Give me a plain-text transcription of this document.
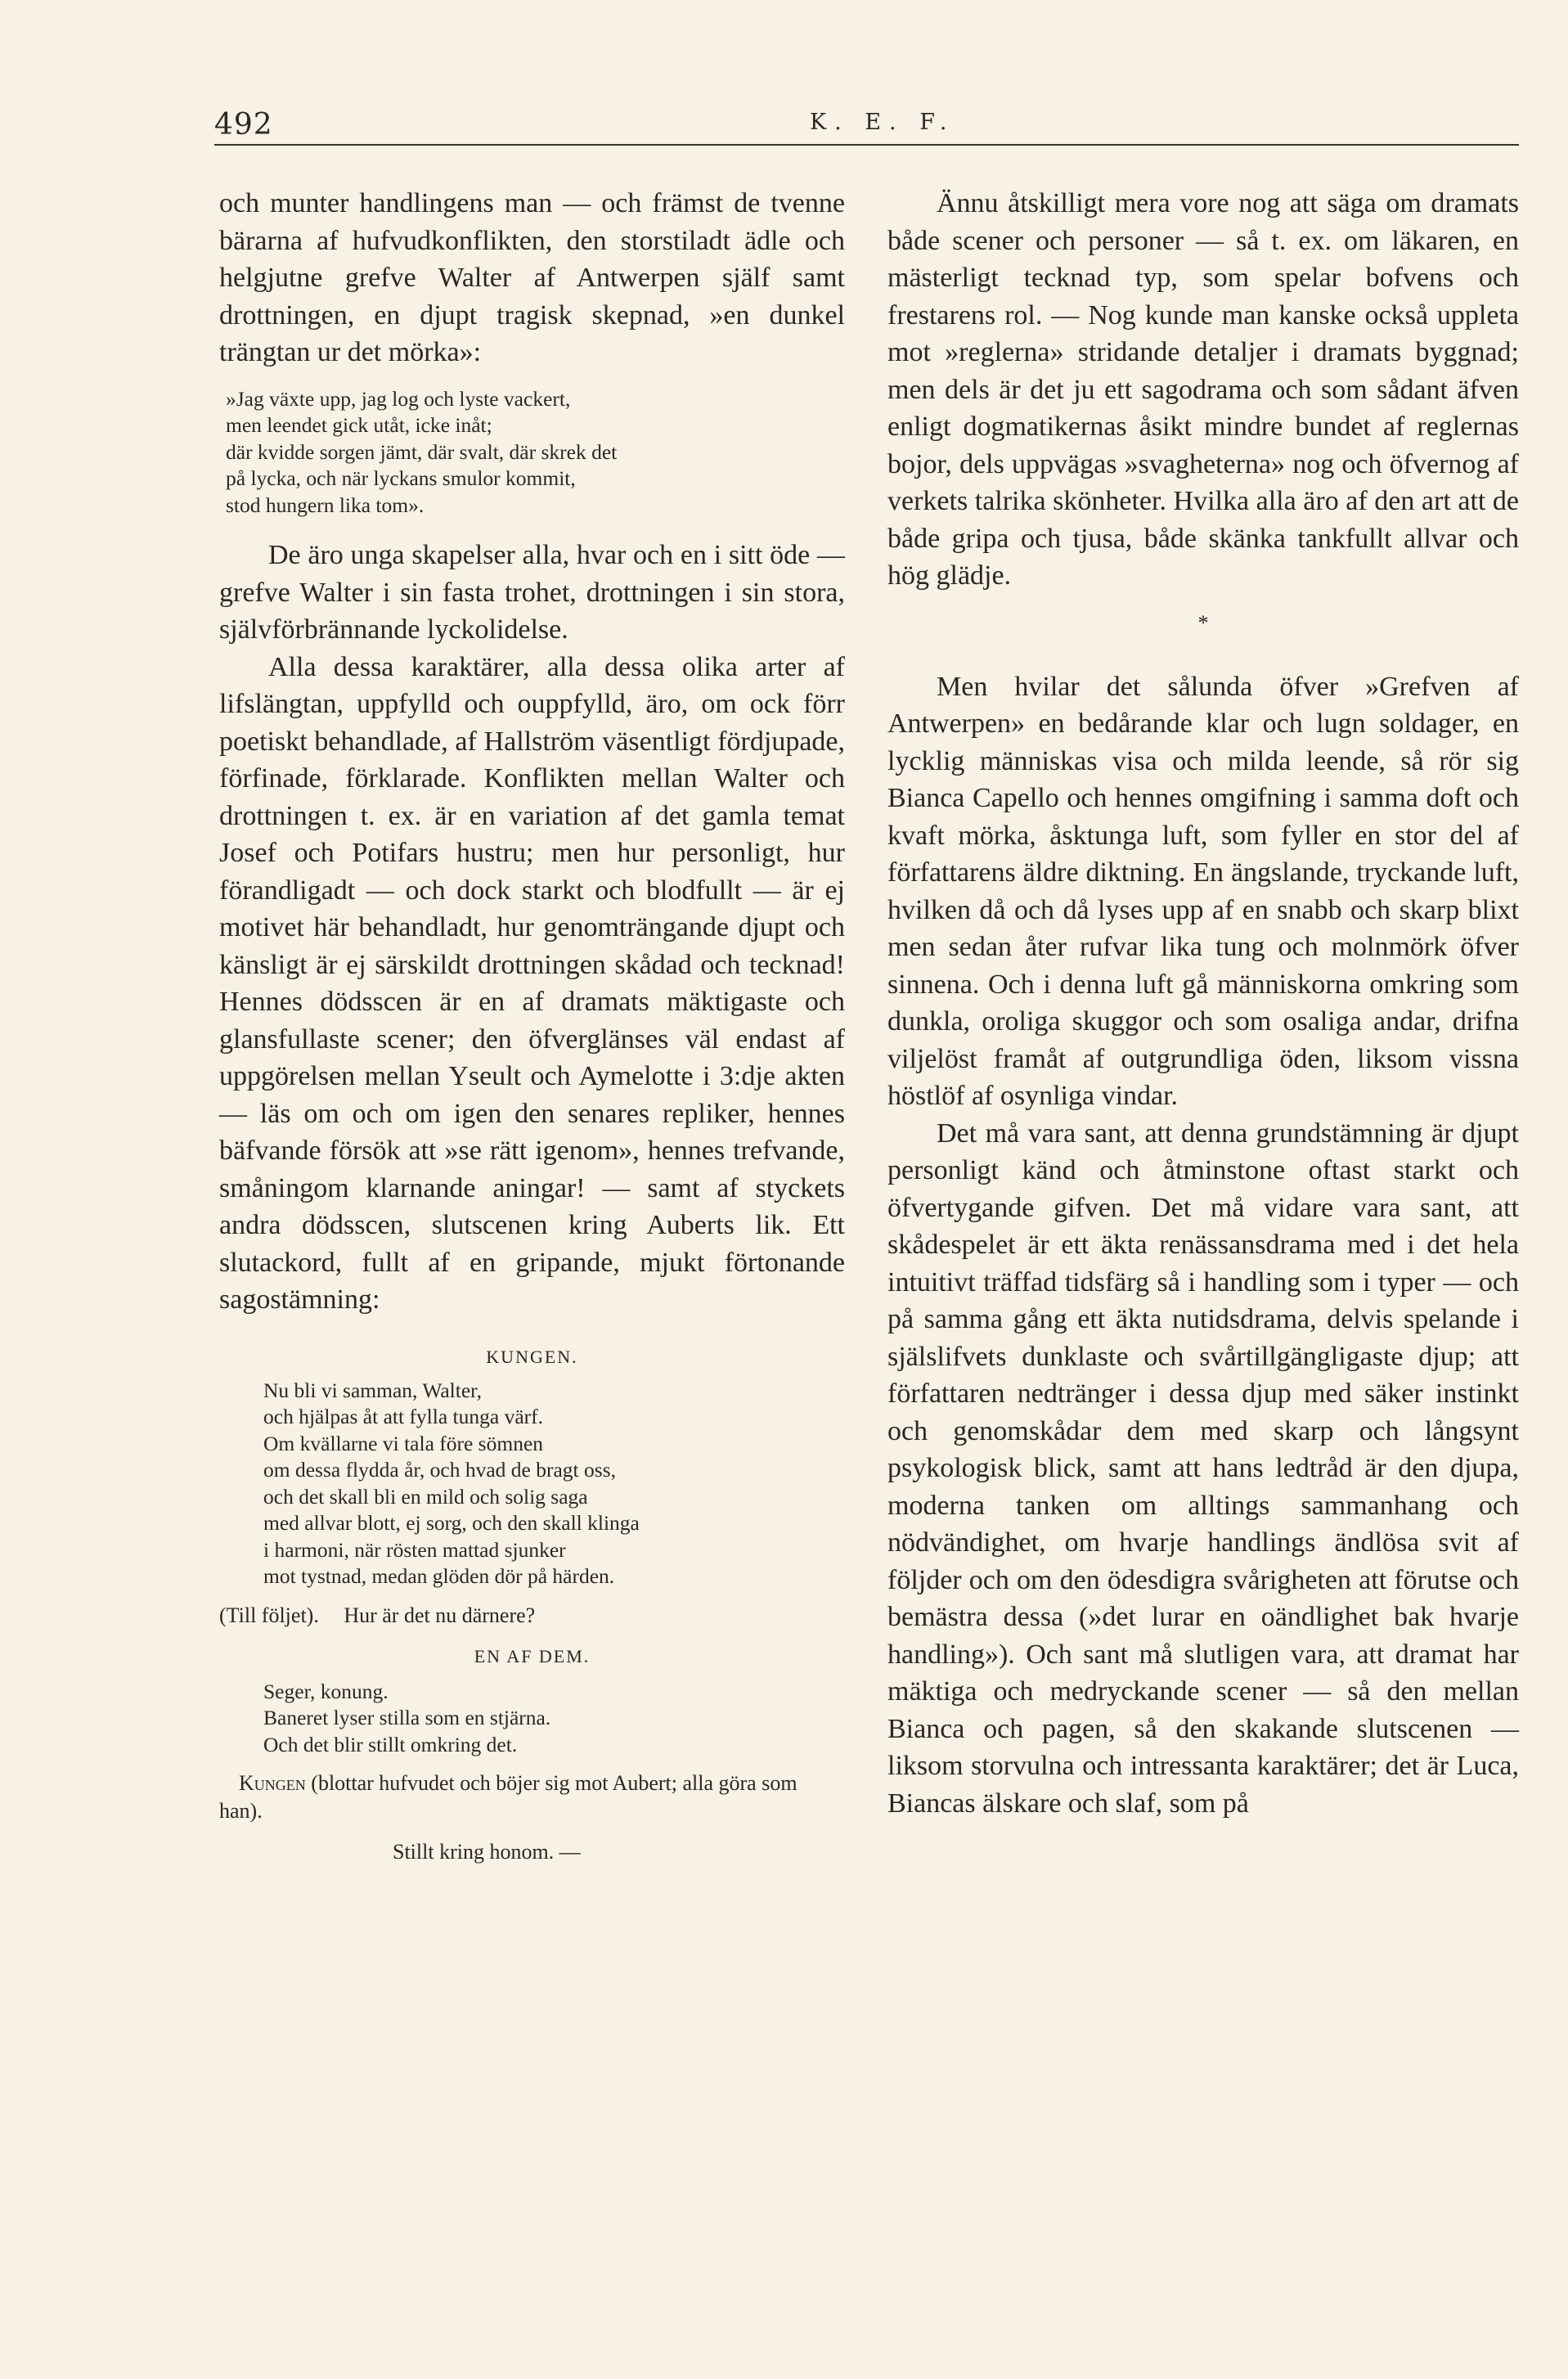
492	K. E. F.

och munter handlingens man — och främst de tvenne bärarna af hufvudkonflikten, den storstiladt ädle och helgjutne grefve Walter af Antwerpen själf samt drottningen, en djupt tragisk skepnad, »en dunkel trängtan ur det mörka»:

»Jag växte upp, jag log och lyste vackert,
men leendet gick utåt, icke inåt;
där kvidde sorgen jämt, där svalt, där skrek det
på lycka, och när lyckans smulor kommit,
stod hungern lika tom».

De äro unga skapelser alla, hvar och en i sitt öde — grefve Walter i sin fasta trohet, drottningen i sin stora, självförbrännande lyckolidelse.

Alla dessa karaktärer, alla dessa olika arter af lifslängtan, uppfylld och ouppfylld, äro, om ock förr poetiskt behandlade, af Hallström väsentligt fördjupade, förfinade, förklarade. Konflikten mellan Walter och drottningen t. ex. är en variation af det gamla temat Josef och Potifars hustru; men hur personligt, hur förandligadt — och dock starkt och blodfullt — är ej motivet här behandladt, hur genomträngande djupt och känsligt är ej särskildt drottningen skådad och tecknad! Hennes dödsscen är en af dramats mäktigaste och glansfullaste scener; den öfverglänses väl endast af uppgörelsen mellan Yseult och Aymelotte i 3:dje akten — läs om och om igen den senares repliker, hennes bäfvande försök att »se rätt igenom», hennes trefvande, småningom klarnande aningar! — samt af styckets andra dödsscen, slutscenen kring Auberts lik. Ett slutackord, fullt af en gripande, mjukt förtonande sagostämning:

KUNGEN.
Nu bli vi samman, Walter,
och hjälpas åt att fylla tunga värf.
Om kvällarne vi tala före sömnen
om dessa flydda år, och hvad de bragt oss,
och det skall bli en mild och solig saga
med allvar blott, ej sorg, och den skall klinga
i harmoni, när rösten mattad sjunker
mot tystnad, medan glöden dör på härden.
(Till följet). Hur är det nu därnere?
EN AF DEM.
Seger, konung.
Baneret lyser stilla som en stjärna.
Och det blir stillt omkring det.
Kungen (blottar hufvudet och böjer sig mot Aubert; alla göra som han).
Stillt kring honom. —

Ännu åtskilligt mera vore nog att säga om dramats både scener och personer — så t. ex. om läkaren, en mästerligt tecknad typ, som spelar bofvens och frestarens rol. — Nog kunde man kanske också uppleta mot »reglerna» stridande detaljer i dramats byggnad; men dels är det ju ett sagodrama och som sådant äfven enligt dogmatikernas åsikt mindre bundet af reglernas bojor, dels uppvägas »svagheterna» nog och öfvernog af verkets talrika skönheter. Hvilka alla äro af den art att de både gripa och tjusa, både skänka tankfullt allvar och hög glädje.

*

Men hvilar det sålunda öfver »Grefven af Antwerpen» en bedårande klar och lugn soldager, en lycklig människas visa och milda leende, så rör sig Bianca Capello och hennes omgifning i samma doft och kvaft mörka, åsktunga luft, som fyller en stor del af författarens äldre diktning. En ängslande, tryckande luft, hvilken då och då lyses upp af en snabb och skarp blixt men sedan åter rufvar lika tung och molnmörk öfver sinnena. Och i denna luft gå människorna omkring som dunkla, oroliga skuggor och som osaliga andar, drifna viljelöst framåt af outgrundliga öden, liksom vissna höstlöf af osynliga vindar.

Det må vara sant, att denna grundstämning är djupt personligt känd och åtminstone oftast starkt och öfvertygande gifven. Det må vidare vara sant, att skådespelet är ett äkta renässansdrama med i det hela intuitivt träffad tidsfärg så i handling som i typer — och på samma gång ett äkta nutidsdrama, delvis spelande i själslifvets dunklaste och svårtillgängligaste djup; att författaren nedtränger i dessa djup med säker instinkt och genomskådar dem med skarp och långsynt psykologisk blick, samt att hans ledtråd är den djupa, moderna tanken om alltings sammanhang och nödvändighet, om hvarje handlings ändlösa svit af följder och om den ödesdigra svårigheten att förutse och bemästra dessa (»det lurar en oändlighet bak hvarje handling»). Och sant må slutligen vara, att dramat har mäktiga och medryckande scener — så den mellan Bianca och pagen, så den skakande slutscenen — liksom storvulna och intressanta karaktärer; det är Luca, Biancas älskare och slaf, som på
